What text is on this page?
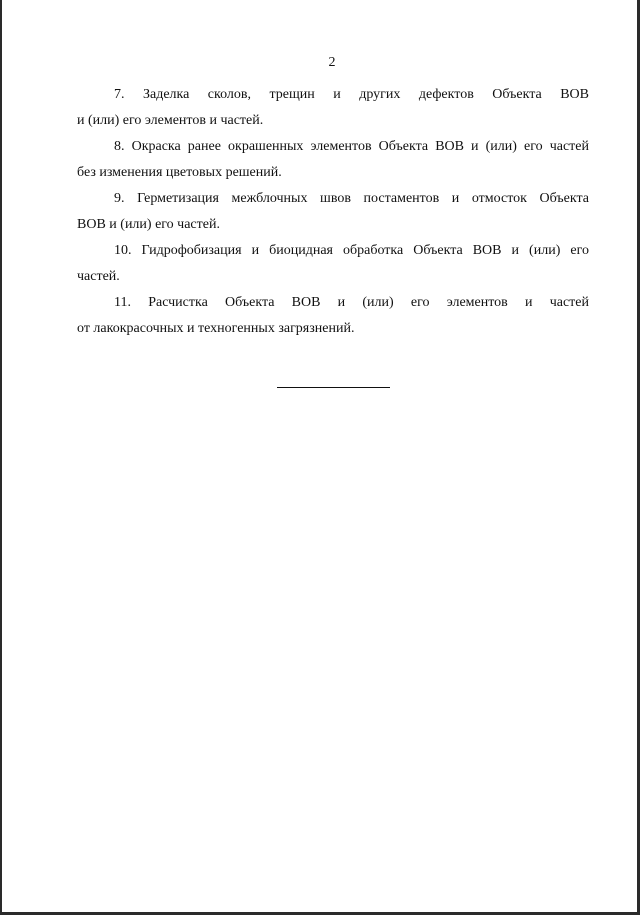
2

7. Заделка сколов, трещин и других дефектов Объекта ВОВ
и (или) его элементов и частей.

8. Окраска ранее окрашенных элементов Объекта ВОВ и (или) его частей
без изменения цветовых решений.

9. Герметизация межблочных швов постаментов и отмосток Объекта
ВОВ и (или) его частей.

10. Гидрофобизация и биоцидная обработка Объекта ВОВ и (или) его
частей.

11. Расчистка Объекта ВОВ и (или) его элементов и частей
от лакокрасочных и техногенных загрязнений.
